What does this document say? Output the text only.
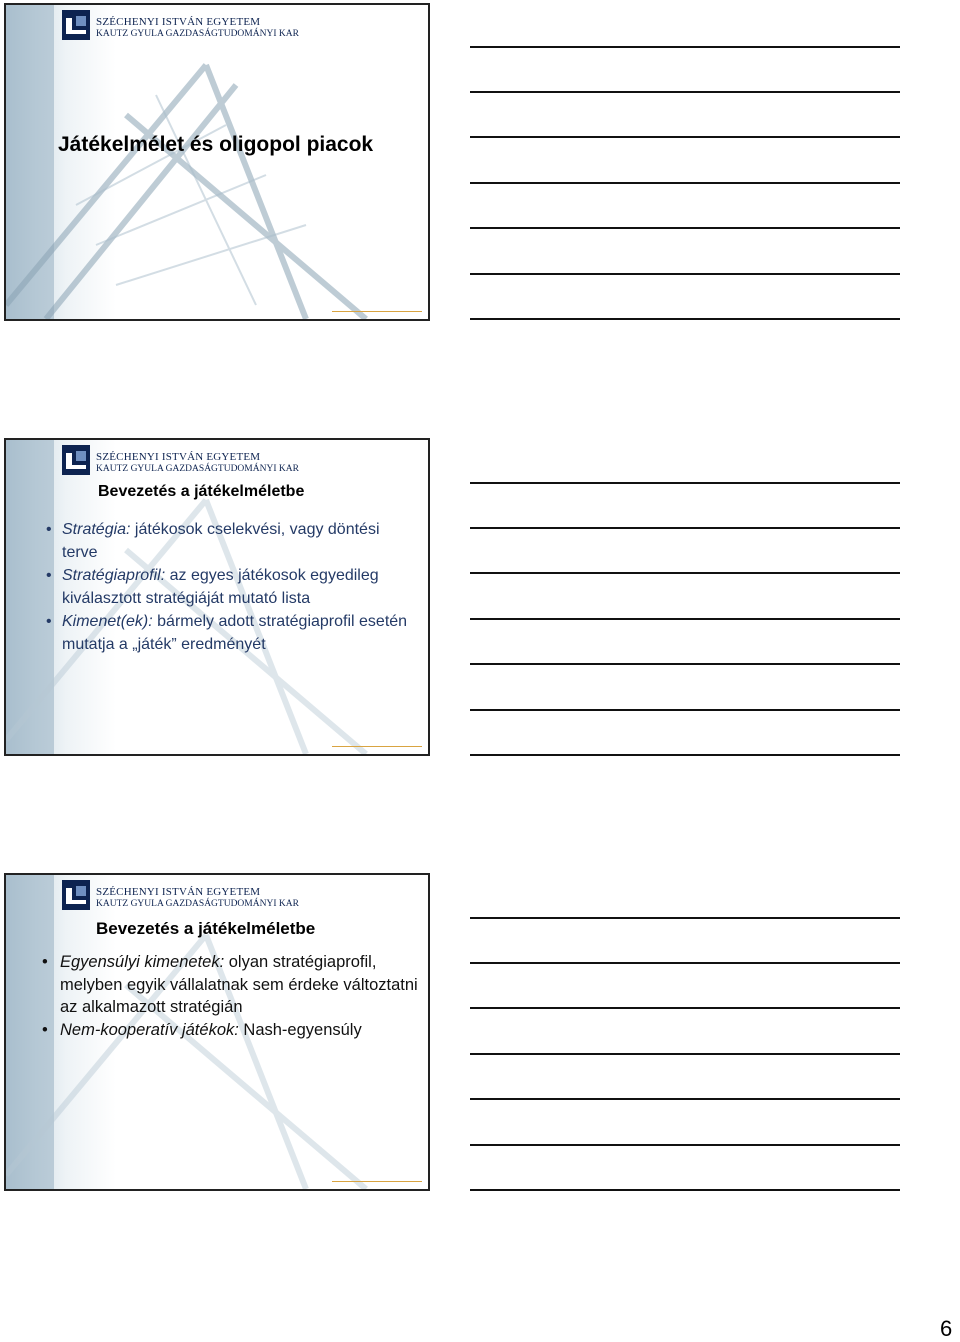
SZÉCHENYI ISTVÁN EGYETEM
KAUTZ GYULA GAZDASÁGTUDOMÁNYI KAR
Játékelmélet és oligopol piacok
SZÉCHENYI ISTVÁN EGYETEM
KAUTZ GYULA GAZDASÁGTUDOMÁNYI KAR
Bevezetés a játékelméletbe
• Stratégia: játékosok cselekvési, vagy döntési terve
• Stratégiaprofil: az egyes játékosok egyedileg kiválasztott stratégiáját mutató lista
• Kimenet(ek): bármely adott stratégiaprofil esetén mutatja a „játék” eredményét
SZÉCHENYI ISTVÁN EGYETEM
KAUTZ GYULA GAZDASÁGTUDOMÁNYI KAR
Bevezetés a játékelméletbe
• Egyensúlyi kimenetek: olyan stratégiaprofil, melyben egyik vállalatnak sem érdeke változtatni az alkalmazott stratégián
• Nem-kooperatív játékok: Nash-egyensúly
6
